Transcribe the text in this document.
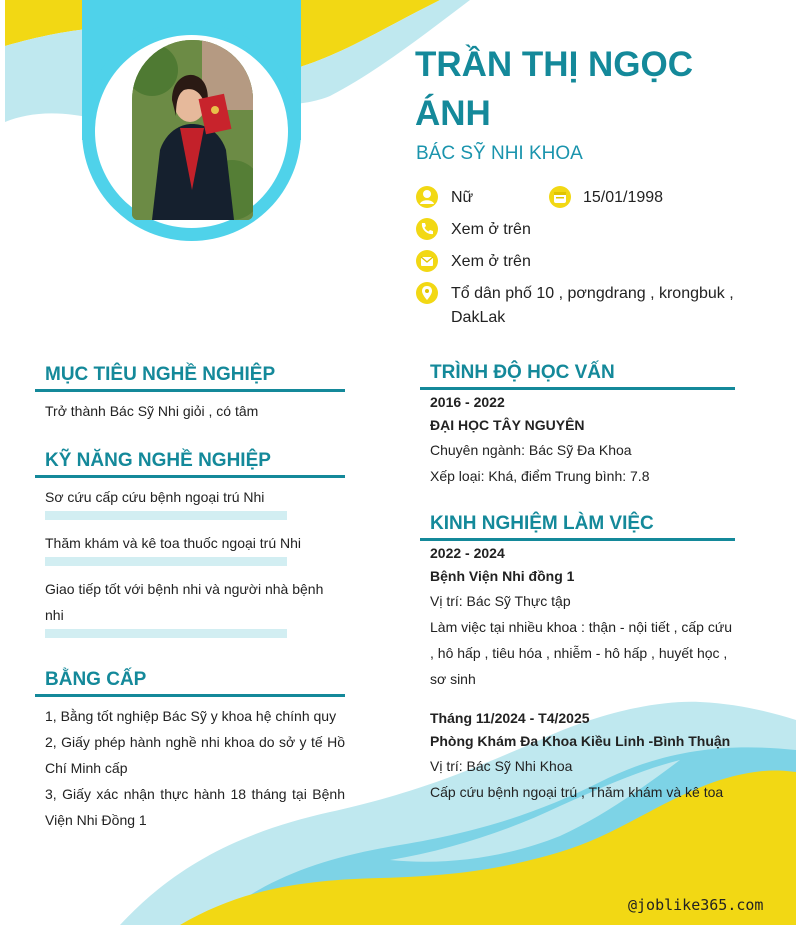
TRẦN THỊ NGỌC ÁNH
BÁC SỸ NHI KHOA
Nữ	15/01/1998
Xem ở trên
Xem ở trên
Tổ dân phố 10 , pơngdrang , krongbuk , DakLak
MỤC TIÊU NGHỀ NGHIỆP
Trở thành Bác Sỹ Nhi giỏi , có tâm
KỸ NĂNG NGHỀ NGHIỆP
Sơ cứu cấp cứu bệnh ngoại trú Nhi
Thăm khám và kê toa thuốc ngoại trú Nhi
Giao tiếp tốt với bệnh nhi và người nhà bệnh nhi
BẰNG CẤP
1, Bằng tốt nghiệp Bác Sỹ y khoa hệ chính quy
2, Giấy phép hành nghề nhi khoa do sở y tế Hồ Chí Minh cấp
3, Giấy xác nhận thực hành 18 tháng tại Bệnh Viện Nhi Đồng 1
TRÌNH ĐỘ HỌC VẤN
2016 - 2022
ĐẠI HỌC TÂY NGUYÊN
Chuyên ngành: Bác Sỹ Đa Khoa
Xếp loại: Khá, điểm Trung bình: 7.8
KINH NGHIỆM LÀM VIỆC
2022 - 2024
Bệnh Viện Nhi đồng 1
Vị trí: Bác Sỹ Thực tập
Làm việc tại nhiều khoa : thận - nội tiết , cấp cứu , hô hấp , tiêu hóa , nhiễm - hô hấp , huyết học , sơ sinh
Tháng 11/2024 - T4/2025
Phòng Khám Đa Khoa Kiều Linh -Bình Thuận
Vị trí: Bác Sỹ Nhi Khoa
Cấp cứu bệnh ngoại trú , Thăm khám và kê toa
@joblike365.com
